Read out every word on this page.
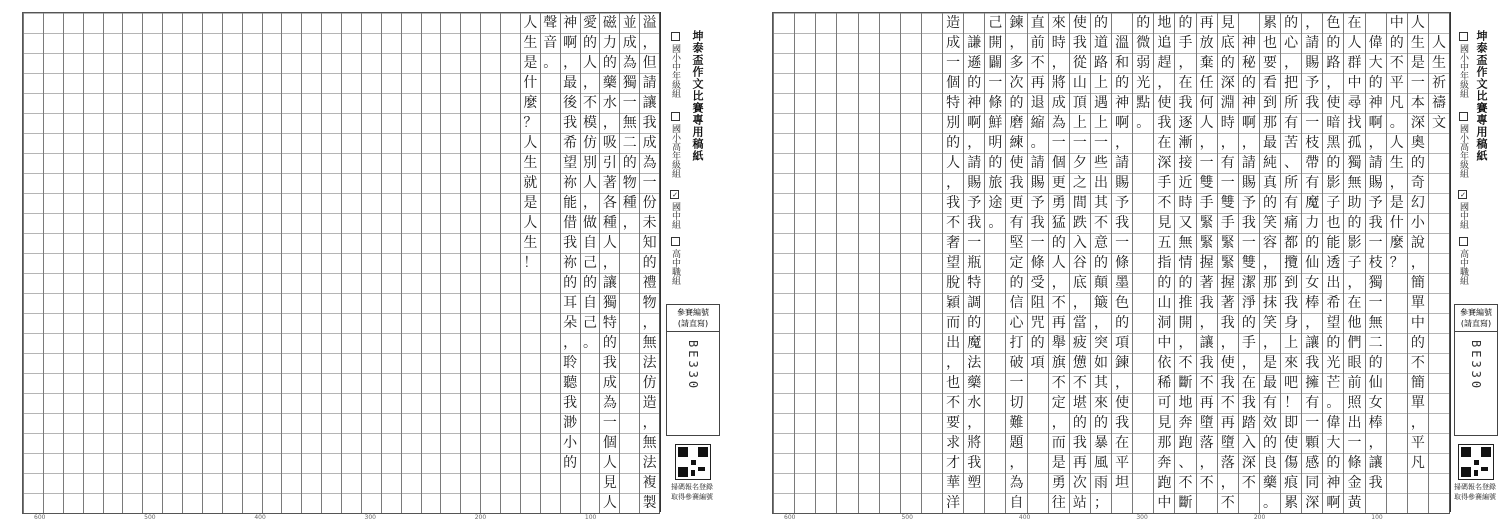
溢
，
但
請
讓
我
成
為
一
份
未
知
的
禮
物
，
無
法
仿
造
，
無
法
複
製
並
成
為
獨
一
無
二
的
物
種
，
磁
力
的
藥
水
，
吸
引
著
各
種
人
，
讓
獨
特
的
我
成
為
一
個
人
見
人
愛
的
人
，
不
模
仿
別
人
，
做
自
己
的
自
己
。
神
啊
，
最
後
我
希
望
祢
能
借
我
祢
的
耳
朵
，
聆
聽
我
渺
小
的
聲
音
。
人
生
是
什
麼
？
人
生
就
是
人
生
！
坤泰盃作文比賽專用稿紙
國小中年級組
國小高年級組
✓國中組
高中職組
參賽編號
(請直寫)
BE330
掃碼報名登錄
取得參賽編號
600	500	400	300	200	100
人
生
祈
禱
文
人
生
是
一
本
深
奧
的
奇
幻
小
說
，
簡
單
中
的
不
簡
單
，
平
凡
中
的
不
平
凡
。
人
生
，
是
什
麼
？
偉
大
的
神
啊
，
請
賜
予
我
一
枝
獨
一
無
二
的
仙
女
棒
，
讓
我
在
人
群
中
尋
找
孤
獨
無
助
的
影
子
，
在
他
們
眼
前
照
出
一
條
金
黃
色
的
路
，
使
暗
黑
的
影
子
也
能
透
出
希
望
的
光
芒
。
偉
大
的
神
啊
，
請
賜
予
我
一
枝
帶
有
魔
力
的
仙
女
棒
，
讓
我
擁
有
一
顆
感
同
深
的
心
，
把
所
有
苦
、
所
有
痛
都
攬
到
我
身
上
來
吧
！
即
使
傷
痕
累
累
也
要
看
到
那
最
純
真
的
笑
容
，
那
抹
笑
，
是
最
有
效
的
良
藥
。
神
秘
的
神
啊
，
請
賜
予
我
一
雙
潔
淨
的
手
，
在
我
踏
入
深
不
見
底
的
深
淵
時
，
有
一
雙
手
緊
緊
握
著
我
，
使
我
不
再
墮
落
，
不
再
放
棄
任
何
人
，
一
雙
手
緊
緊
握
著
我
，
讓
我
不
再
墮
落
，
不
的
手
，
在
我
逐
漸
接
近
時
又
無
情
的
推
開
，
不
斷
地
奔
跑
、
不
斷
地
追
趕
，
使
我
在
深
手
不
見
五
指
的
山
洞
中
依
稀
可
見
那
奔
跑
中
的
微
弱
光
點
。
溫
和
的
神
啊
，
請
賜
予
我
一
條
墨
色
的
項
鍊
，
使
我
在
平
坦
的
道
路
上
遇
上
一
些
出
其
不
意
的
顛
簸
，
突
如
其
來
的
暴
風
雨
；
使
我
從
山
頂
上
一
夕
之
間
跌
入
谷
底
，
當
疲
憊
不
堪
的
我
再
次
站
來
時
，
將
成
為
一
個
更
勇
猛
的
人
，
不
再
舉
旗
不
定
，
而
是
勇
往
直
前
不
再
退
縮
。
請
賜
予
我
一
條
受
阻
咒
的
項
鍊
，
多
次
的
磨
練
使
我
更
有
堅
定
的
信
心
打
破
一
切
難
題
，
為
自
己
開
闢
一
條
鮮
明
的
旅
途
。
謙
遜
的
神
啊
，
請
賜
予
我
一
瓶
特
調
的
魔
法
藥
水
，
將
我
塑
造
成
一
個
特
別
的
人
，
我
不
奢
望
脫
穎
而
出
，
也
不
要
求
才
華
洋
坤泰盃作文比賽專用稿紙
國小中年級組
國小高年級組
✓國中組
高中職組
參賽編號
(請直寫)
BE330
掃碼報名登錄
取得參賽編號
600	500	400	300	200	100
